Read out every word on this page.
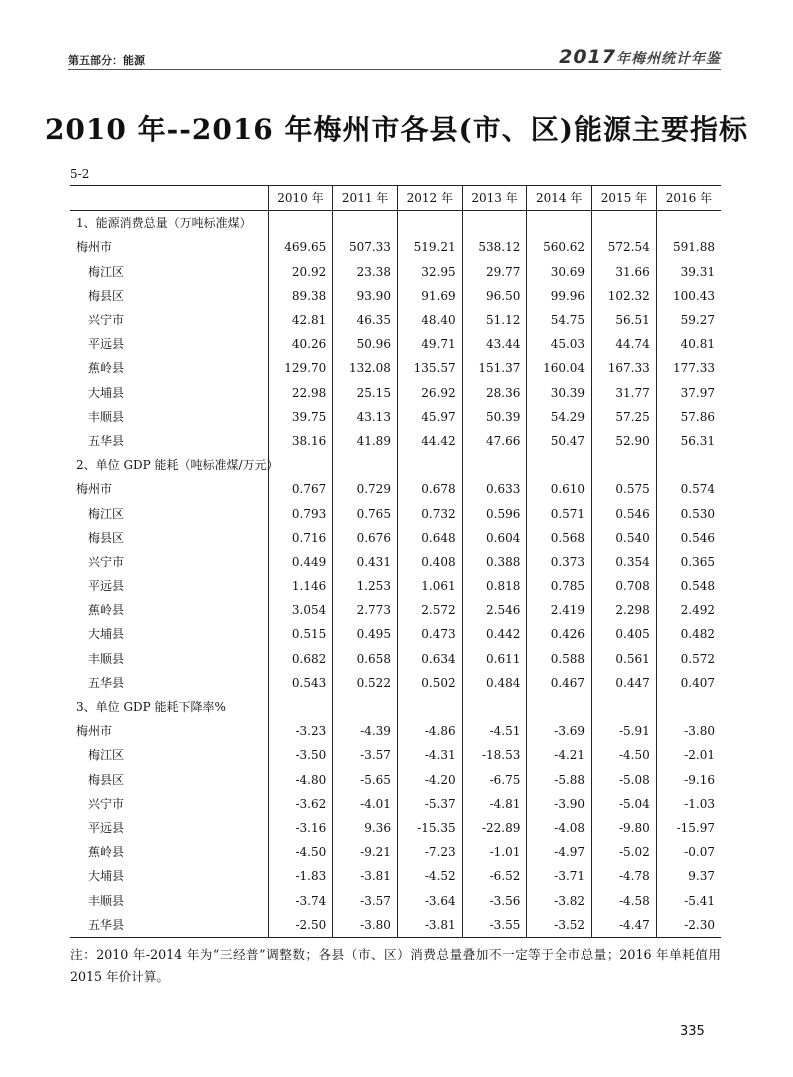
第五部分：能源	2017年梅州统计年鉴
2010 年--2016 年梅州市各县(市、区)能源主要指标
5-2
	2010 年	2011 年	2012 年	2013 年	2014 年	2015 年	2016 年
1、能源消费总量（万吨标准煤）							
梅州市	469.65	507.33	519.21	538.12	560.62	572.54	591.88
梅江区	20.92	23.38	32.95	29.77	30.69	31.66	39.31
梅县区	89.38	93.90	91.69	96.50	99.96	102.32	100.43
兴宁市	42.81	46.35	48.40	51.12	54.75	56.51	59.27
平远县	40.26	50.96	49.71	43.44	45.03	44.74	40.81
蕉岭县	129.70	132.08	135.57	151.37	160.04	167.33	177.33
大埔县	22.98	25.15	26.92	28.36	30.39	31.77	37.97
丰顺县	39.75	43.13	45.97	50.39	54.29	57.25	57.86
五华县	38.16	41.89	44.42	47.66	50.47	52.90	56.31
2、单位 GDP 能耗（吨标准煤/万元）							
梅州市	0.767	0.729	0.678	0.633	0.610	0.575	0.574
梅江区	0.793	0.765	0.732	0.596	0.571	0.546	0.530
梅县区	0.716	0.676	0.648	0.604	0.568	0.540	0.546
兴宁市	0.449	0.431	0.408	0.388	0.373	0.354	0.365
平远县	1.146	1.253	1.061	0.818	0.785	0.708	0.548
蕉岭县	3.054	2.773	2.572	2.546	2.419	2.298	2.492
大埔县	0.515	0.495	0.473	0.442	0.426	0.405	0.482
丰顺县	0.682	0.658	0.634	0.611	0.588	0.561	0.572
五华县	0.543	0.522	0.502	0.484	0.467	0.447	0.407
3、单位 GDP 能耗下降率%							
梅州市	-3.23	-4.39	-4.86	-4.51	-3.69	-5.91	-3.80
梅江区	-3.50	-3.57	-4.31	-18.53	-4.21	-4.50	-2.01
梅县区	-4.80	-5.65	-4.20	-6.75	-5.88	-5.08	-9.16
兴宁市	-3.62	-4.01	-5.37	-4.81	-3.90	-5.04	-1.03
平远县	-3.16	9.36	-15.35	-22.89	-4.08	-9.80	-15.97
蕉岭县	-4.50	-9.21	-7.23	-1.01	-4.97	-5.02	-0.07
大埔县	-1.83	-3.81	-4.52	-6.52	-3.71	-4.78	9.37
丰顺县	-3.74	-3.57	-3.64	-3.56	-3.82	-4.58	-5.41
五华县	-2.50	-3.80	-3.81	-3.55	-3.52	-4.47	-2.30
注：2010 年-2014 年为“三经普”调整数；各县（市、区）消费总量叠加不一定等于全市总量；2016 年单耗值用 2015 年价计算。
335
